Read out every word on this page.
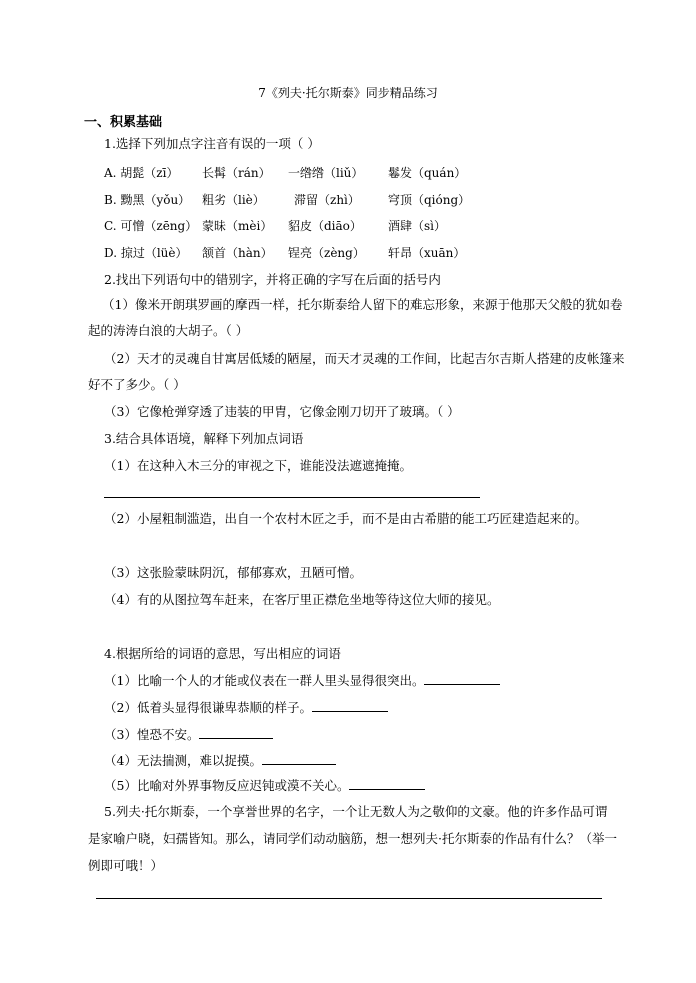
7《列夫·托尔斯泰》同步精品练习
一、积累基础
1.选择下列加点字注音有误的一项（ ）
A. 胡髭（zī） 长髯（rán） 一绺绺（liǔ） 鬈发（quán）
B. 黝黑（yǒu） 粗劣（liè） 滞留（zhì） 穹顶（qióng）
C. 可憎（zēng） 蒙昧（mèi） 貂皮（diāo） 酒肆（sì）
D. 掠过（lüè） 颔首（hàn） 锃亮（zèng） 轩昂（xuān）
2.找出下列语句中的错别字，并将正确的字写在后面的括号内
（1）像米开朗琪罗画的摩西一样，托尔斯泰给人留下的难忘形象，来源于他那天父般的犹如卷
起的涛涛白浪的大胡子。（ ）
（2）天才的灵魂自甘寓居低矮的陋屋，而天才灵魂的工作间，比起吉尔吉斯人搭建的皮帐篷来
好不了多少。（ ）
（3）它像枪弹穿透了违装的甲胄，它像金刚刀切开了玻璃。（ ）
3.结合具体语境，解释下列加点词语
（1）在这种入木三分的审视之下，谁能没法遮遮掩掩。
（2）小屋粗制滥造，出自一个农村木匠之手，而不是由古希腊的能工巧匠建造起来的。
（3）这张脸蒙昧阴沉，郁郁寡欢，丑陋可憎。
（4）有的从图拉驾车赶来，在客厅里正襟危坐地等待这位大师的接见。
4.根据所给的词语的意思，写出相应的词语
（1）比喻一个人的才能或仪表在一群人里头显得很突出。
（2）低着头显得很谦卑恭顺的样子。
（3）惶恐不安。
（4）无法揣测，难以捉摸。
（5）比喻对外界事物反应迟钝或漠不关心。
5.列夫·托尔斯泰，一个享誉世界的名字，一个让无数人为之敬仰的文豪。他的许多作品可谓
是家喻户晓，妇孺皆知。那么，请同学们动动脑筋，想一想列夫·托尔斯泰的作品有什么？（举一
例即可哦！）
